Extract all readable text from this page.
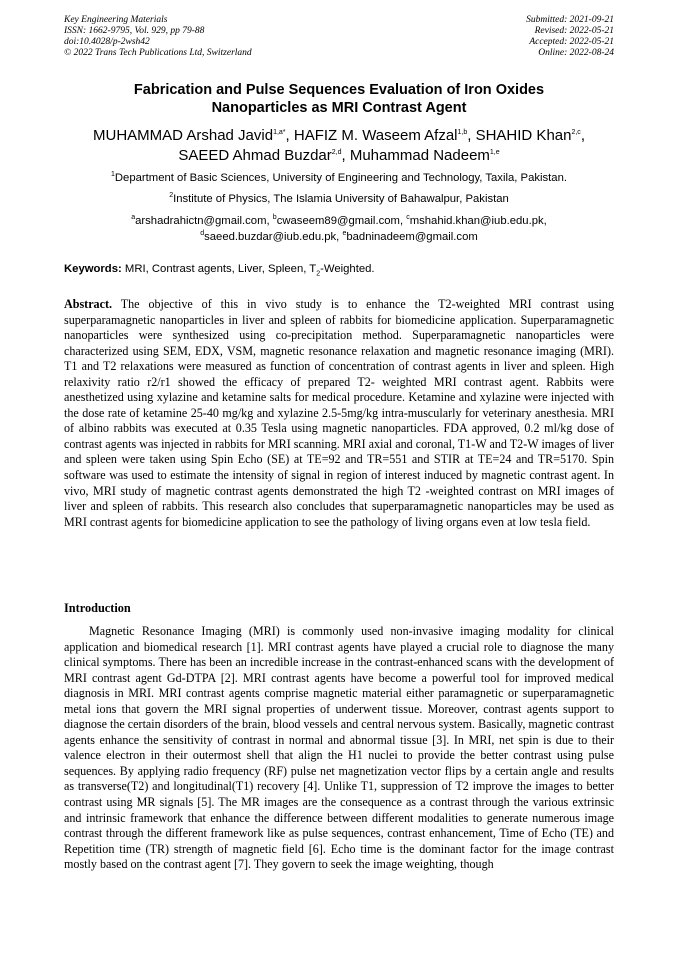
Key Engineering Materials
ISSN: 1662-9795, Vol. 929, pp 79-88
doi:10.4028/p-2wsh42
© 2022 Trans Tech Publications Ltd, Switzerland
Submitted: 2021-09-21
Revised: 2022-05-21
Accepted: 2022-05-21
Online: 2022-08-24
Fabrication and Pulse Sequences Evaluation of Iron Oxides
Nanoparticles as MRI Contrast Agent
MUHAMMAD Arshad Javid$^{1,a*}$, HAFIZ M. Waseem Afzal$^{1,b}$, SHAHID Khan$^{2,c}$,
SAEED Ahmad Buzdar$^{2,d}$, Muhammad Nadeem$^{1,e}$
$^1$Department of Basic Sciences, University of Engineering and Technology, Taxila, Pakistan.
$^2$Institute of Physics, The Islamia University of Bahawalpur, Pakistan
$^a$arshadrahictn@gmail.com, $^b$cwaseem89@gmail.com, $^c$mshahid.khan@iub.edu.pk,
$^d$saeed.buzdar@iub.edu.pk, $^e$badninadeem@gmail.com
Keywords: MRI, Contrast agents, Liver, Spleen, $T_2$-Weighted.
Abstract. The objective of this in vivo study is to enhance the T2-weighted MRI contrast using superparamagnetic nanoparticles in liver and spleen of rabbits for biomedicine application. Superparamagnetic nanoparticles were synthesized using co-precipitation method. Superparamagnetic nanoparticles were characterized using SEM, EDX, VSM, magnetic resonance relaxation and magnetic resonance imaging (MRI). T1 and T2 relaxations were measured as function of concentration of contrast agents in liver and spleen. High relaxivity ratio r2/r1 showed the efficacy of prepared T2- weighted MRI contrast agent. Rabbits were anesthetized using xylazine and ketamine salts for medical procedure. Ketamine and xylazine were injected with the dose rate of ketamine 25-40 mg/kg and xylazine 2.5-5mg/kg intra-muscularly for veterinary anesthesia. MRI of albino rabbits was executed at 0.35 Tesla using magnetic nanoparticles. FDA approved, 0.2 ml/kg dose of contrast agents was injected in rabbits for MRI scanning. MRI axial and coronal, T1-W and T2-W images of liver and spleen were taken using Spin Echo (SE) at TE=92 and TR=551 and STIR at TE=24 and TR=5170. Spin software was used to estimate the intensity of signal in region of interest induced by magnetic contrast agent. In vivo, MRI study of magnetic contrast agents demonstrated the high T2 -weighted contrast on MRI images of liver and spleen of rabbits. This research also concludes that superparamagnetic nanoparticles may be used as MRI contrast agents for biomedicine application to see the pathology of living organs even at low tesla field.
Introduction
Magnetic Resonance Imaging (MRI) is commonly used non-invasive imaging modality for clinical application and biomedical research [1]. MRI contrast agents have played a crucial role to diagnose the many clinical symptoms. There has been an incredible increase in the contrast-enhanced scans with the development of MRI contrast agent Gd-DTPA [2]. MRI contrast agents have become a powerful tool for improved medical diagnosis in MRI. MRI contrast agents comprise magnetic material either paramagnetic or superparamagnetic metal ions that govern the MRI signal properties of underwent tissue. Moreover, contrast agents support to diagnose the certain disorders of the brain, blood vessels and central nervous system. Basically, magnetic contrast agents enhance the sensitivity of contrast in normal and abnormal tissue [3]. In MRI, net spin is due to their valence electron in their outermost shell that align the H1 nuclei to provide the better contrast using pulse sequences. By applying radio frequency (RF) pulse net magnetization vector flips by a certain angle and results as transverse(T2) and longitudinal(T1) recovery [4]. Unlike T1, suppression of T2 improve the images to better contrast using MR signals [5]. The MR images are the consequence as a contrast through the various extrinsic and intrinsic framework that enhance the difference between different modalities to generate numerous image contrast through the different framework like as pulse sequences, contrast enhancement, Time of Echo (TE) and Repetition time (TR) strength of magnetic field [6]. Echo time is the dominant factor for the image contrast mostly based on the contrast agent [7]. They govern to seek the image weighting, though
